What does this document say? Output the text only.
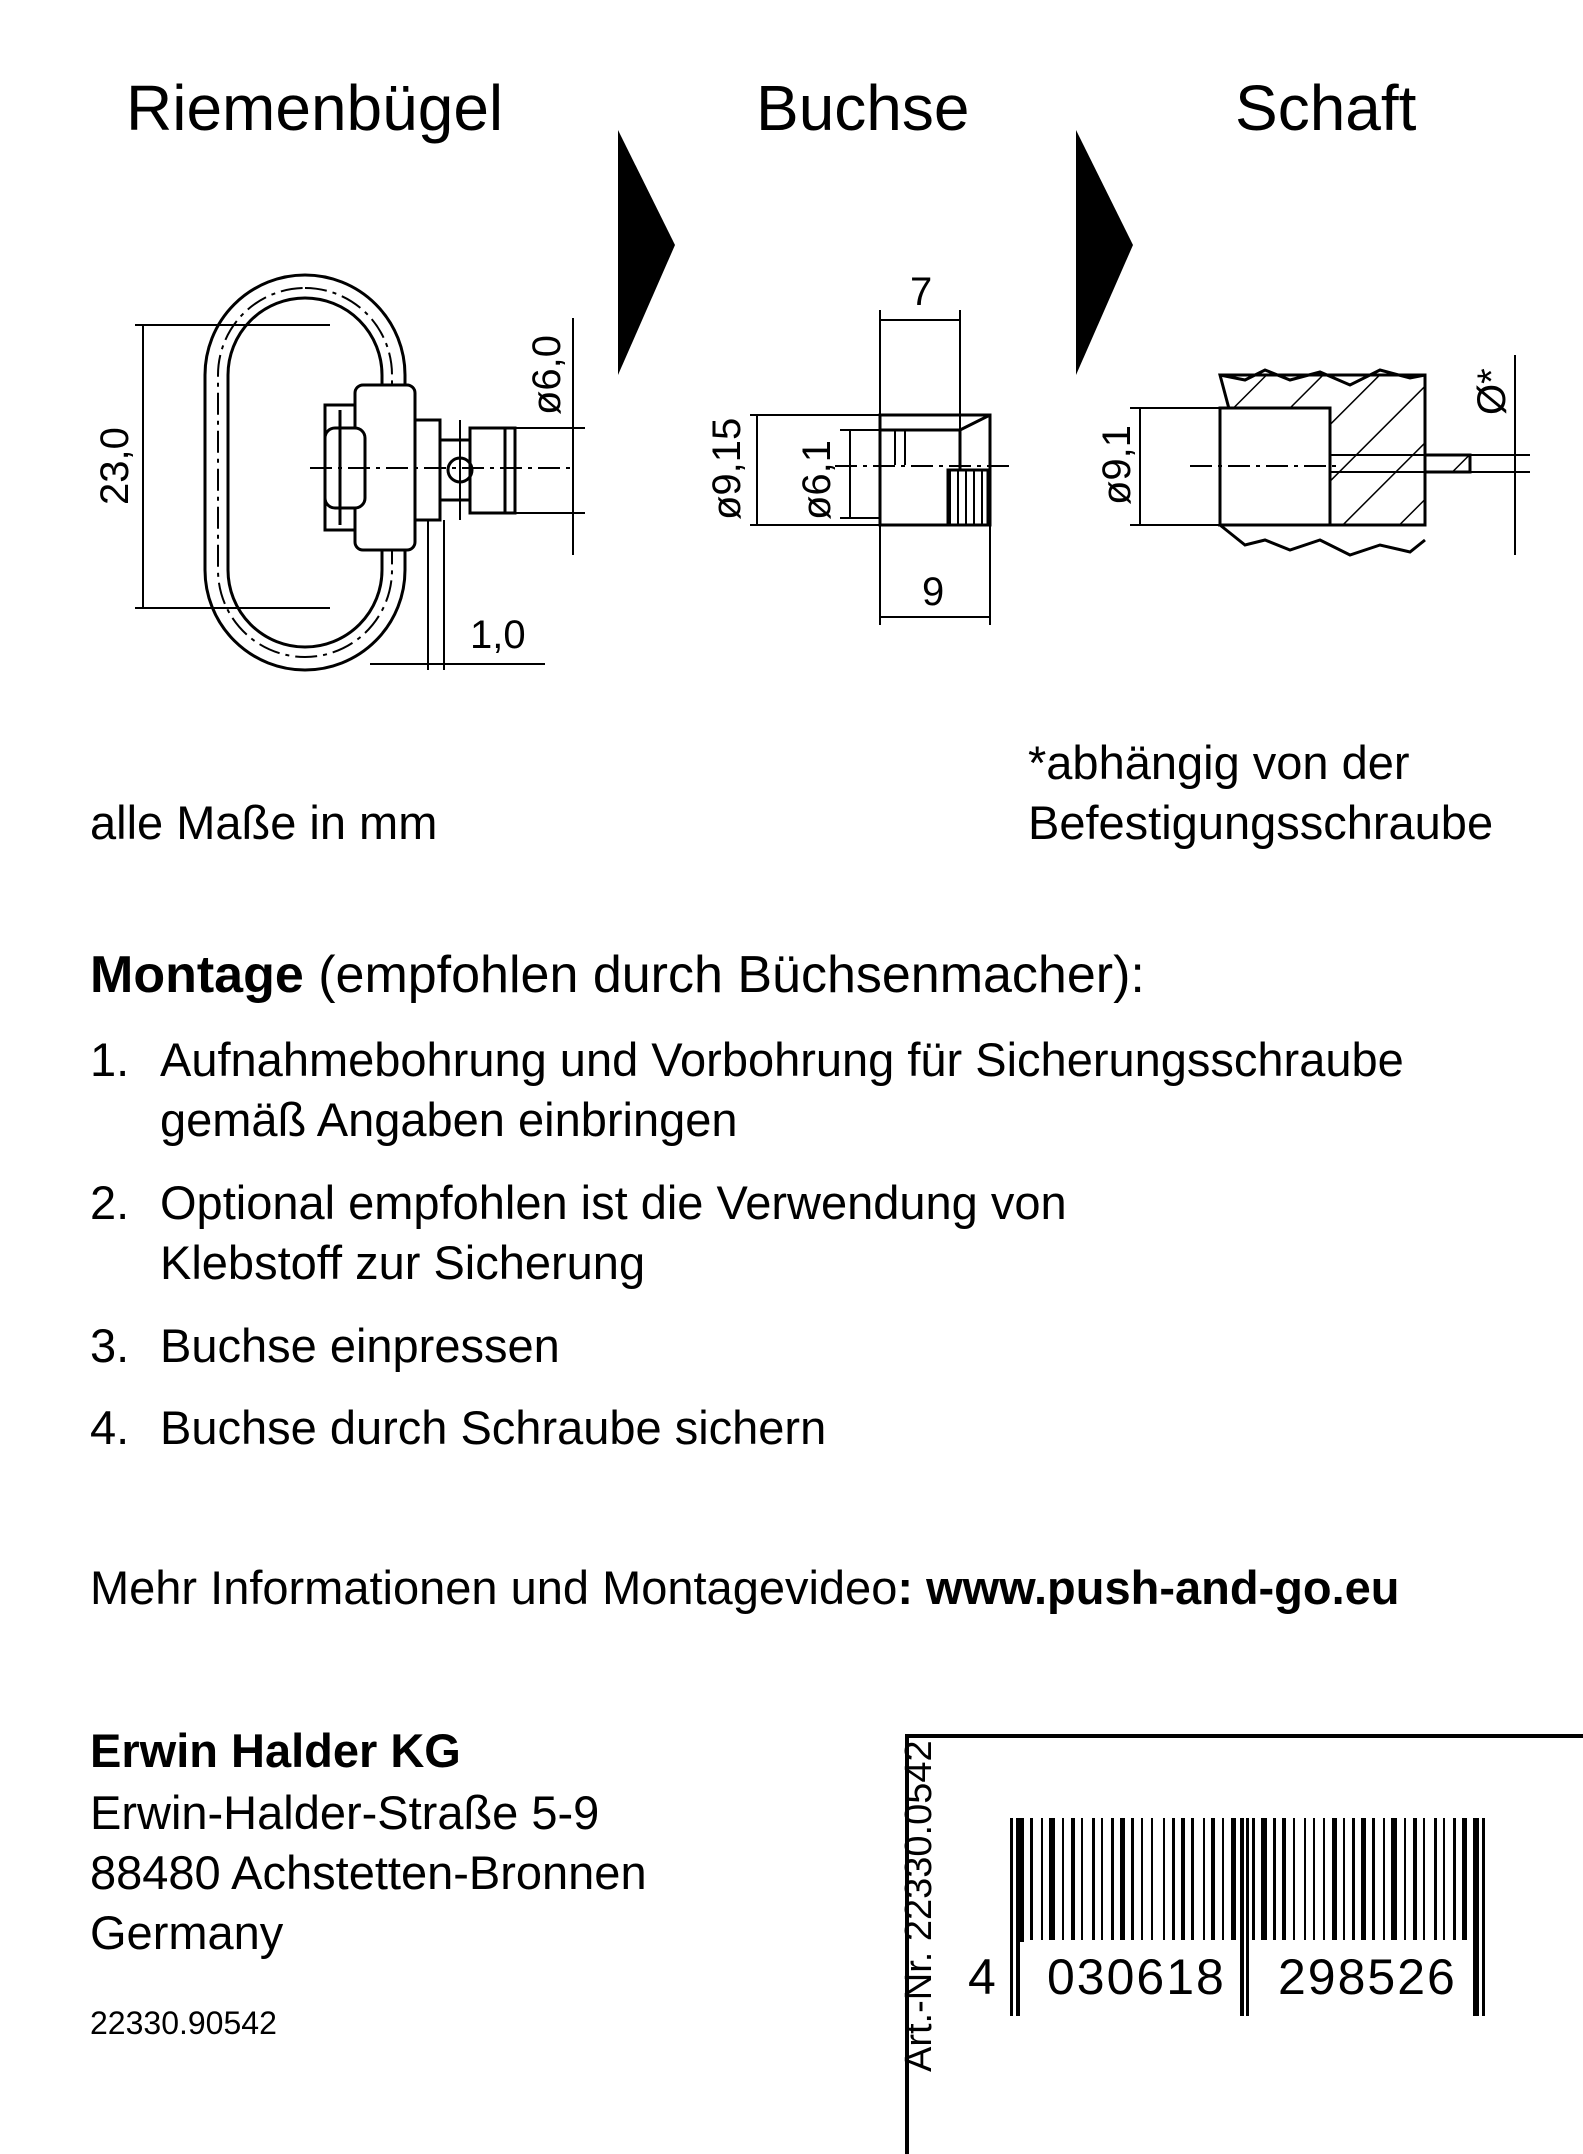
Riemenbügel	Buchse	Schaft
23,0
ø6,0
1,0
7
ø9,15 ø6,1
9
ø9,1
Ø*
alle Maße in mm
*abhängig von der
Befestigungsschraube
Montage (empfohlen durch Büchsenmacher):
1. Aufnahmebohrung und Vorbohrung für Sicherungsschraube gemäß Angaben einbringen
2. Optional empfohlen ist die Verwendung von Klebstoff zur Sicherung
3. Buchse einpressen
4. Buchse durch Schraube sichern
Mehr Informationen und Montagevideo: www.push-and-go.eu
Erwin Halder KG
Erwin-Halder-Straße 5-9
88480 Achstetten-Bronnen
Germany
22330.90542	Art.-Nr. 22330.0542 4 030618 298526
